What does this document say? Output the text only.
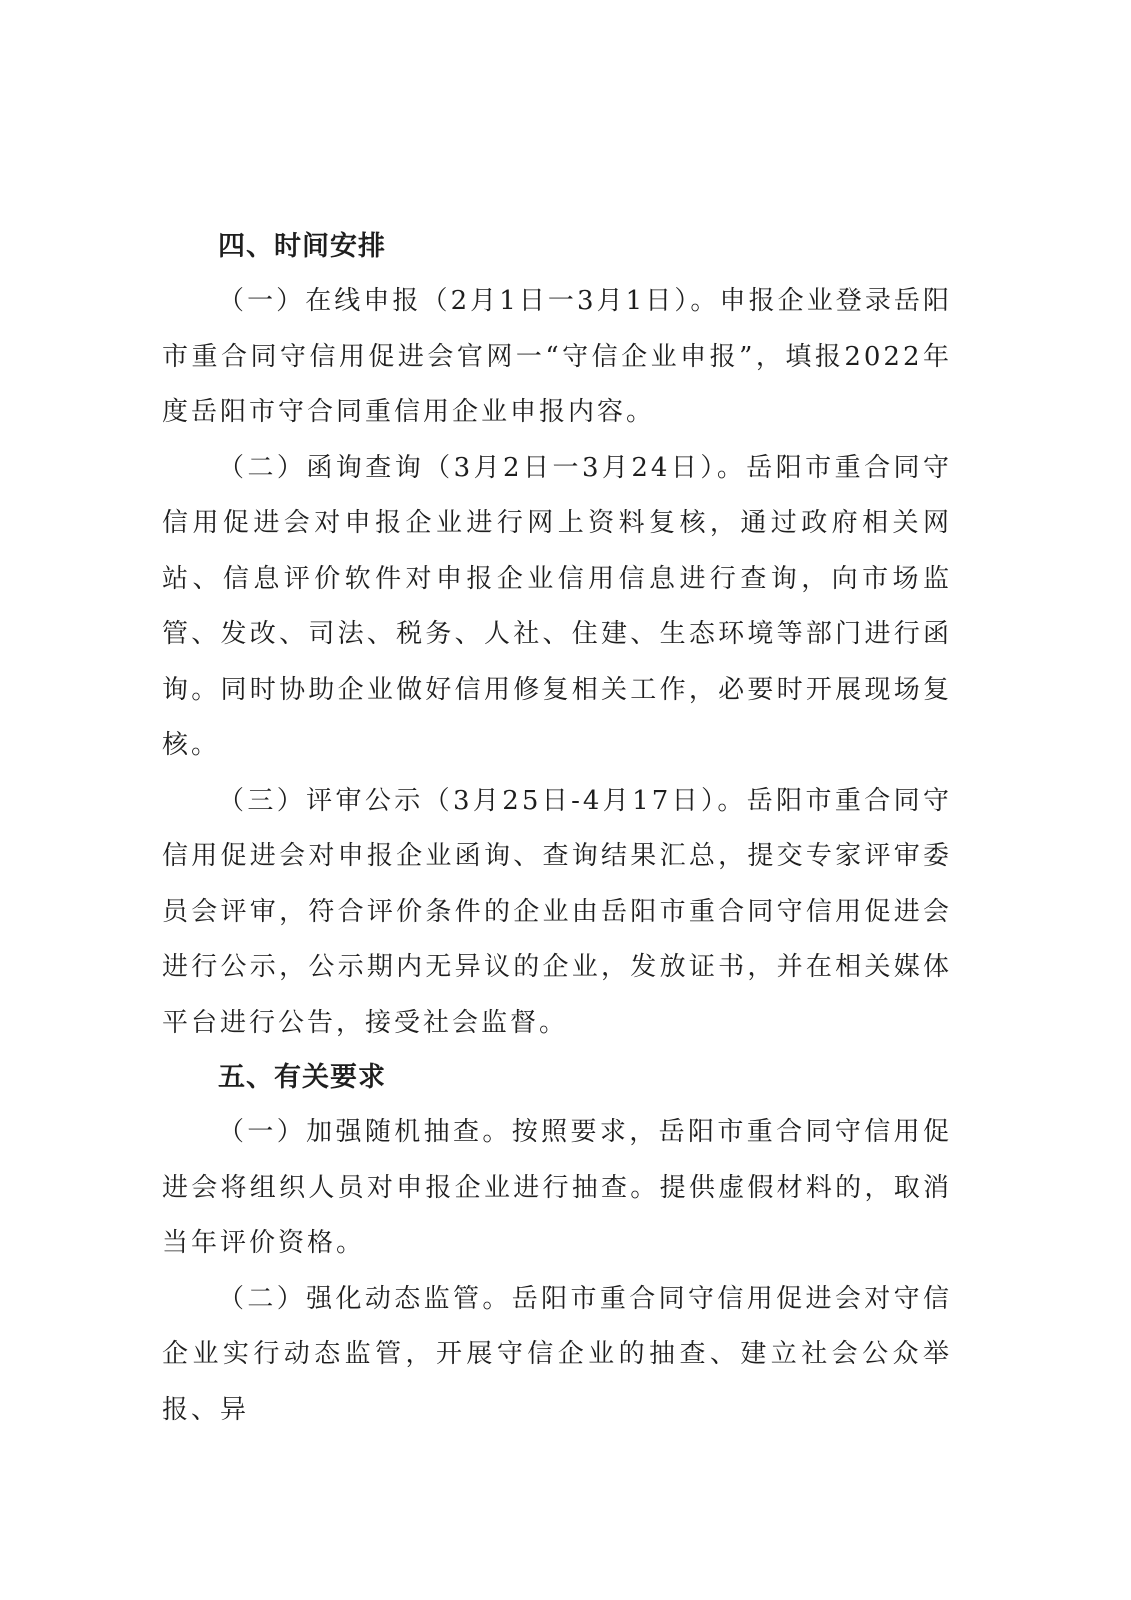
四、时间安排

（一）在线申报（2月1日一3月1日）。申报企业登录岳阳市重合同守信用促进会官网一“守信企业申报”，填报2022年度岳阳市守合同重信用企业申报内容。

（二）函询查询（3月2日一3月24日）。岳阳市重合同守信用促进会对申报企业进行网上资料复核，通过政府相关网站、信息评价软件对申报企业信用信息进行查询，向市场监管、发改、司法、税务、人社、住建、生态环境等部门进行函询。同时协助企业做好信用修复相关工作，必要时开展现场复核。

（三）评审公示（3月25日-4月17日）。岳阳市重合同守信用促进会对申报企业函询、查询结果汇总，提交专家评审委员会评审，符合评价条件的企业由岳阳市重合同守信用促进会进行公示，公示期内无异议的企业，发放证书，并在相关媒体平台进行公告，接受社会监督。

五、有关要求

（一）加强随机抽查。按照要求，岳阳市重合同守信用促进会将组织人员对申报企业进行抽查。提供虚假材料的，取消当年评价资格。

（二）强化动态监管。岳阳市重合同守信用促进会对守信企业实行动态监管，开展守信企业的抽查、建立社会公众举报、异
